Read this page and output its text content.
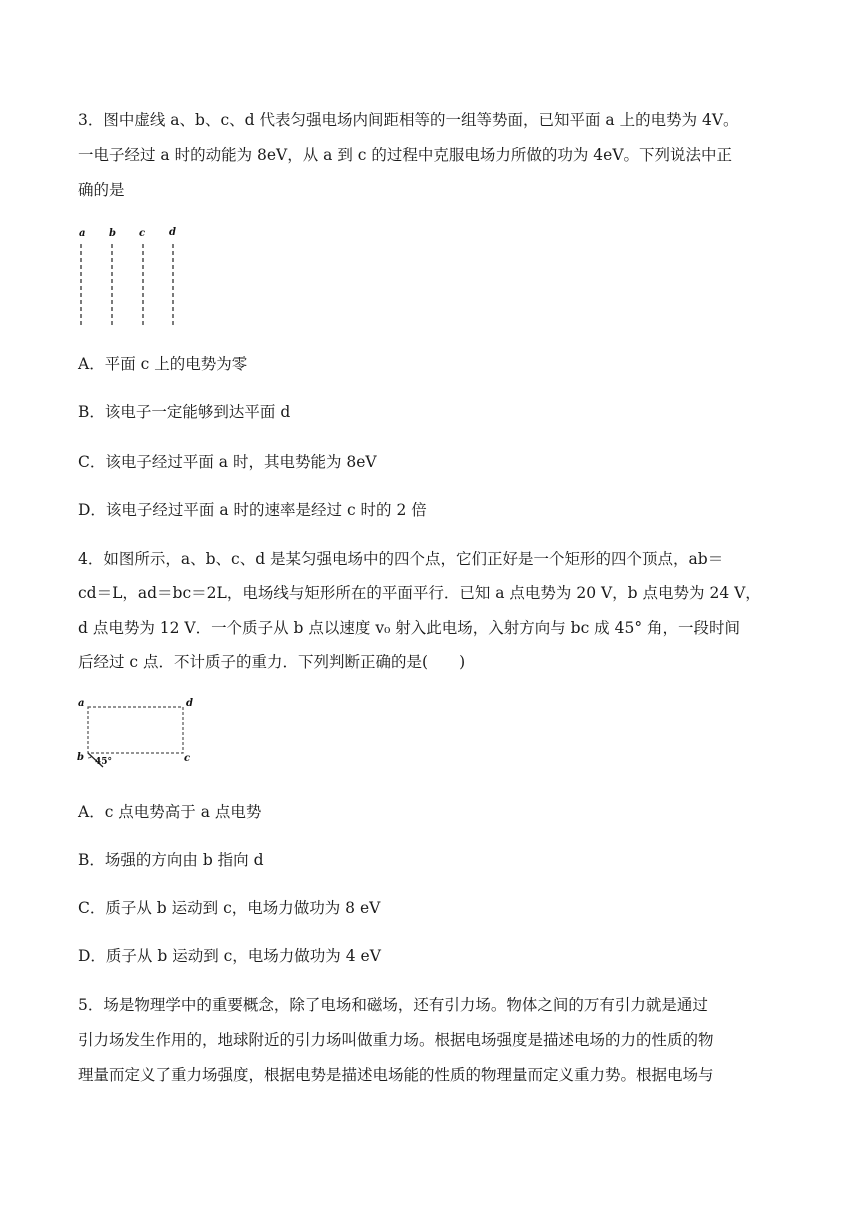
3．图中虚线 a、b、c、d 代表匀强电场内间距相等的一组等势面，已知平面 a 上的电势为 4V。
一电子经过 a 时的动能为 8eV，从 a 到 c 的过程中克服电场力所做的功为 4eV。下列说法中正
确的是
a b c d
A．平面 c 上的电势为零
B．该电子一定能够到达平面 d
C．该电子经过平面 a 时，其电势能为 8eV
D．该电子经过平面 a 时的速率是经过 c 时的 2 倍
4．如图所示，a、b、c、d 是某匀强电场中的四个点，它们正好是一个矩形的四个顶点，ab＝
cd＝L，ad＝bc＝2L，电场线与矩形所在的平面平行．已知 a 点电势为 20 V，b 点电势为 24 V，
d 点电势为 12 V．一个质子从 b 点以速度 v₀ 射入此电场，入射方向与 bc 成 45° 角，一段时间
后经过 c 点．不计质子的重力．下列判断正确的是(　　)
a	d
b	c
45°
A．c 点电势高于 a 点电势
B．场强的方向由 b 指向 d
C．质子从 b 运动到 c，电场力做功为 8 eV
D．质子从 b 运动到 c，电场力做功为 4 eV
5．场是物理学中的重要概念，除了电场和磁场，还有引力场。物体之间的万有引力就是通过
引力场发生作用的，地球附近的引力场叫做重力场。根据电场强度是描述电场的力的性质的物
理量而定义了重力场强度，根据电势是描述电场能的性质的物理量而定义重力势。根据电场与
